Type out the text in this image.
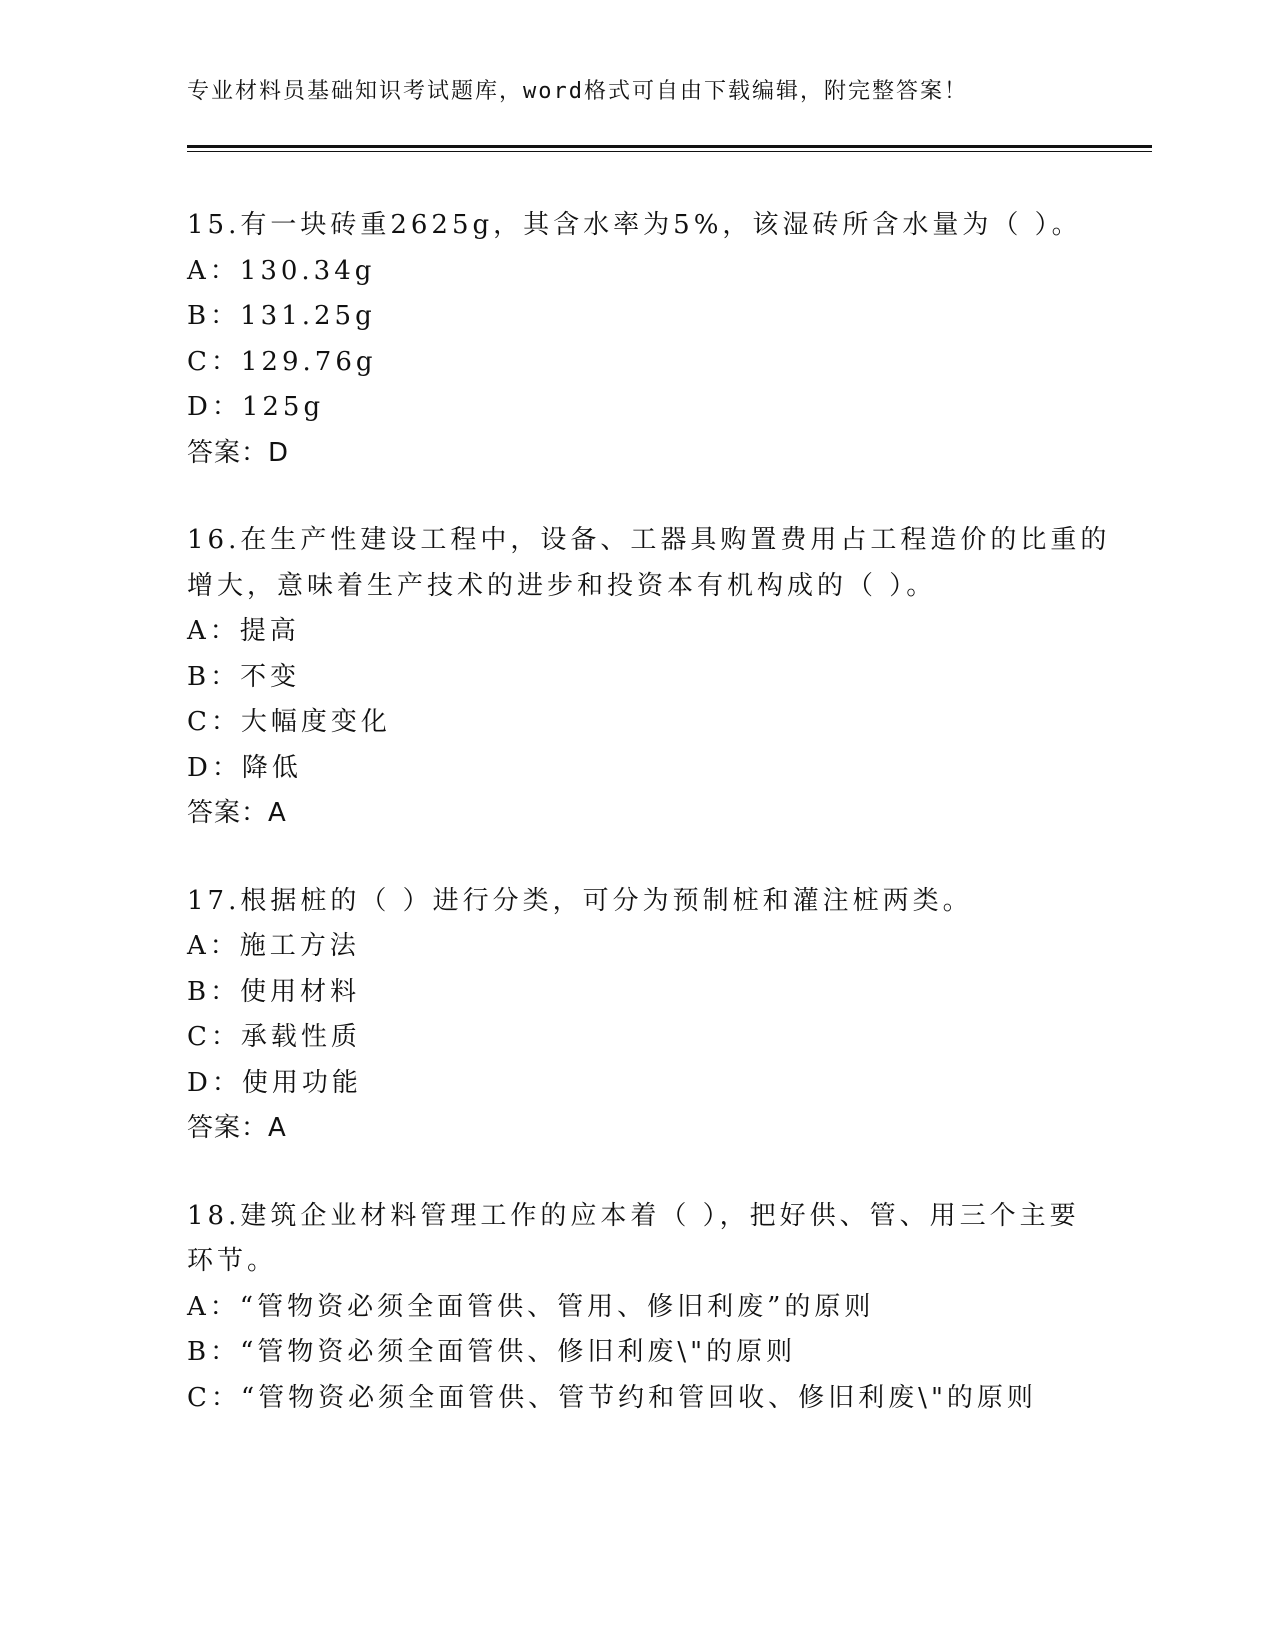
专业材料员基础知识考试题库，word格式可自由下载编辑，附完整答案！
15.有一块砖重2625g，其含水率为5%，该湿砖所含水量为（ ）。
A：130.34g
B：131.25g
C：129.76g
D：125g
答案：D
16.在生产性建设工程中，设备、工器具购置费用占工程造价的比重的
增大，意味着生产技术的进步和投资本有机构成的（ ）。
A：提高
B：不变
C：大幅度变化
D：降低
答案：A
17.根据桩的（ ）进行分类，可分为预制桩和灌注桩两类。
A：施工方法
B：使用材料
C：承载性质
D：使用功能
答案：A
18.建筑企业材料管理工作的应本着（ ），把好供、管、用三个主要
环节。
A：“管物资必须全面管供、管用、修旧利废”的原则
B：“管物资必须全面管供、修旧利废\"的原则
C：“管物资必须全面管供、管节约和管回收、修旧利废\"的原则
